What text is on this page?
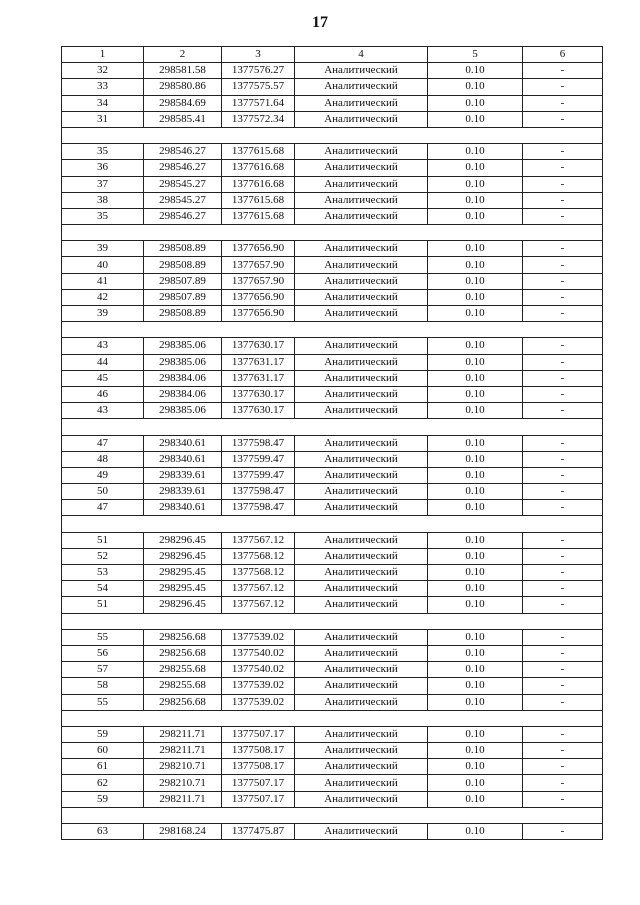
17
1	2	3	4	5	6
32	298581.58	1377576.27	Аналитический	0.10	-
33	298580.86	1377575.57	Аналитический	0.10	-
34	298584.69	1377571.64	Аналитический	0.10	-
31	298585.41	1377572.34	Аналитический	0.10	-

35	298546.27	1377615.68	Аналитический	0.10	-
36	298546.27	1377616.68	Аналитический	0.10	-
37	298545.27	1377616.68	Аналитический	0.10	-
38	298545.27	1377615.68	Аналитический	0.10	-
35	298546.27	1377615.68	Аналитический	0.10	-

39	298508.89	1377656.90	Аналитический	0.10	-
40	298508.89	1377657.90	Аналитический	0.10	-
41	298507.89	1377657.90	Аналитический	0.10	-
42	298507.89	1377656.90	Аналитический	0.10	-
39	298508.89	1377656.90	Аналитический	0.10	-

43	298385.06	1377630.17	Аналитический	0.10	-
44	298385.06	1377631.17	Аналитический	0.10	-
45	298384.06	1377631.17	Аналитический	0.10	-
46	298384.06	1377630.17	Аналитический	0.10	-
43	298385.06	1377630.17	Аналитический	0.10	-

47	298340.61	1377598.47	Аналитический	0.10	-
48	298340.61	1377599.47	Аналитический	0.10	-
49	298339.61	1377599.47	Аналитический	0.10	-
50	298339.61	1377598.47	Аналитический	0.10	-
47	298340.61	1377598.47	Аналитический	0.10	-

51	298296.45	1377567.12	Аналитический	0.10	-
52	298296.45	1377568.12	Аналитический	0.10	-
53	298295.45	1377568.12	Аналитический	0.10	-
54	298295.45	1377567.12	Аналитический	0.10	-
51	298296.45	1377567.12	Аналитический	0.10	-

55	298256.68	1377539.02	Аналитический	0.10	-
56	298256.68	1377540.02	Аналитический	0.10	-
57	298255.68	1377540.02	Аналитический	0.10	-
58	298255.68	1377539.02	Аналитический	0.10	-
55	298256.68	1377539.02	Аналитический	0.10	-

59	298211.71	1377507.17	Аналитический	0.10	-
60	298211.71	1377508.17	Аналитический	0.10	-
61	298210.71	1377508.17	Аналитический	0.10	-
62	298210.71	1377507.17	Аналитический	0.10	-
59	298211.71	1377507.17	Аналитический	0.10	-

63	298168.24	1377475.87	Аналитический	0.10	-
